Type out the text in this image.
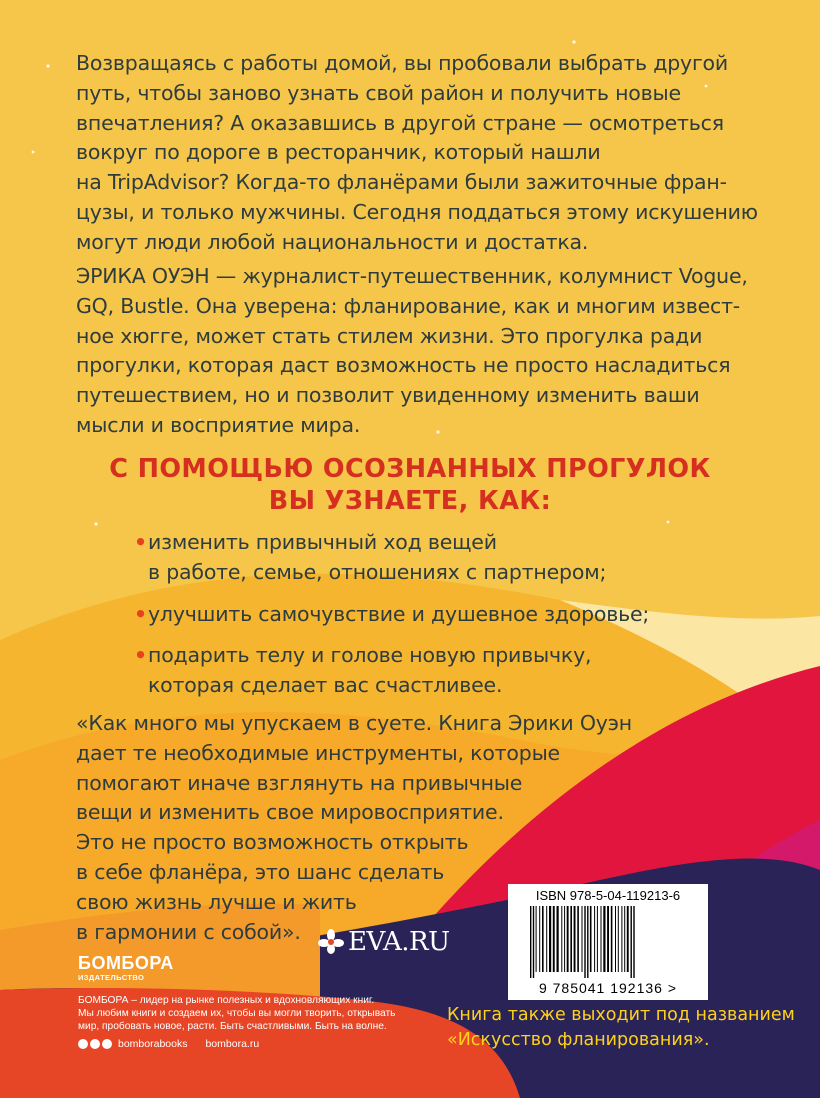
Возвращаясь с работы домой, вы пробовали выбрать другой
путь, чтобы заново узнать свой район и получить новые
впечатления? А оказавшись в другой стране — осмотреться
вокруг по дороге в ресторанчик, который нашли
на TripAdvisor? Когда-то фланёрами были зажиточные фран-
цузы, и только мужчины. Сегодня поддаться этому искушению
могут люди любой национальности и достатка.

ЭРИКА ОУЭН — журналист-путешественник, колумнист Vogue,
GQ, Bustle. Она уверена: фланирование, как и многим извест-
ное хюгге, может стать стилем жизни. Это прогулка ради
прогулки, которая даст возможность не просто насладиться
путешествием, но и позволит увиденному изменить ваши
мысли и восприятие мира.

С ПОМОЩЬЮ ОСОЗНАННЫХ ПРОГУЛОК
ВЫ УЗНАЕТЕ, КАК:

• изменить привычный ход вещей
в работе, семье, отношениях с партнером;
• улучшить самочувствие и душевное здоровье;
• подарить телу и голове новую привычку,
которая сделает вас счастливее.

«Как много мы упускаем в суете. Книга Эрики Оуэн
дает те необходимые инструменты, которые
помогают иначе взглянуть на привычные
вещи и изменить свое мировосприятие.
Это не просто возможность открыть
в себе фланёра, это шанс сделать
свою жизнь лучше и жить
в гармонии с собой».	EVA.RU
ISBN 978-5-04-119213-6
9 785041 192136 >
БОМБОРА
ИЗДАТЕЛЬСТВО

БОМБОРА – лидер на рынке полезных и вдохновляющих книг.
Мы любим книги и создаем их, чтобы вы могли творить, открывать
мир, пробовать новое, расти. Быть счастливыми. Быть на волне.

bomborabooks bombora.ru

Книга также выходит под названием
«Искусство фланирования».
